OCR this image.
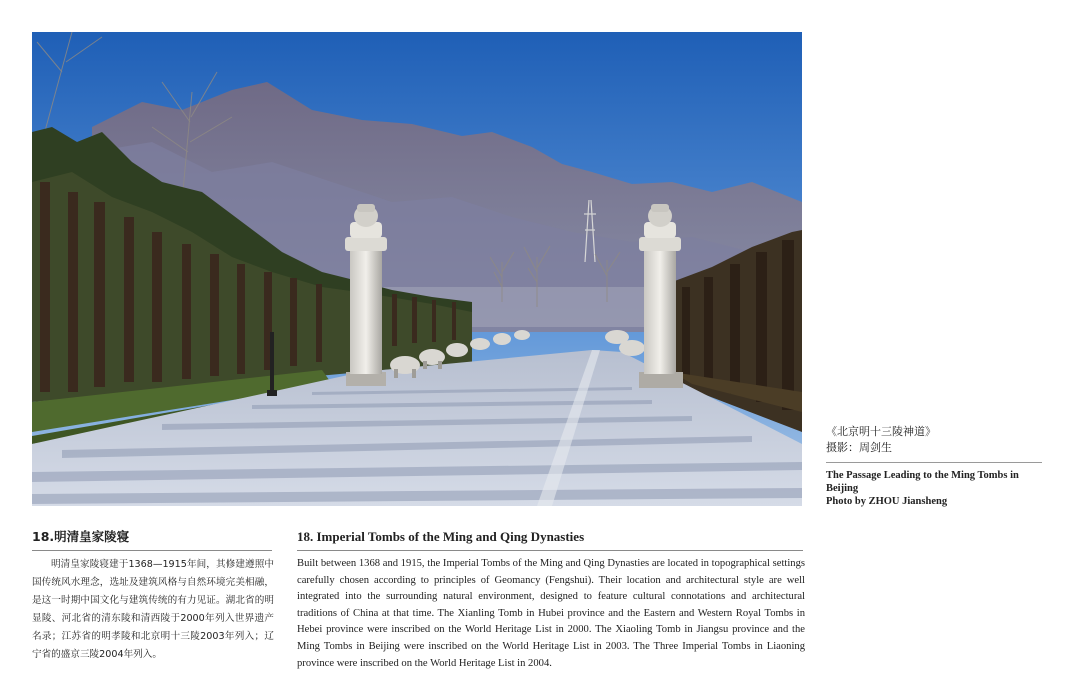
《北京明十三陵神道》
摄影：周剑生
The Passage Leading to the Ming Tombs in Beijing
Photo by ZHOU Jiansheng
18.明清皇家陵寝
明清皇家陵寝建于1368—1915年间，其修建遵照中国传统风水理念，选址及建筑风格与自然环境完美相融，是这一时期中国文化与建筑传统的有力见证。湖北省的明显陵、河北省的清东陵和清西陵于2000年列入世界遗产名录；江苏省的明孝陵和北京明十三陵2003年列入；辽宁省的盛京三陵2004年列入。
18. Imperial Tombs of the Ming and Qing Dynasties
Built between 1368 and 1915, the Imperial Tombs of the Ming and Qing Dynasties are located in topographical settings carefully chosen according to principles of Geomancy (Fengshui). Their location and architectural style are well integrated into the surrounding natural environment, designed to feature cultural connotations and architectural traditions of China at that time. The Xianling Tomb in Hubei province and the Eastern and Western Royal Tombs in Hebei province were inscribed on the World Heritage List in 2000. The Xiaoling Tomb in Jiangsu province and the Ming Tombs in Beijing were inscribed on the World Heritage List in 2003. The Three Imperial Tombs in Liaoning province were inscribed on the World Heritage List in 2004.
